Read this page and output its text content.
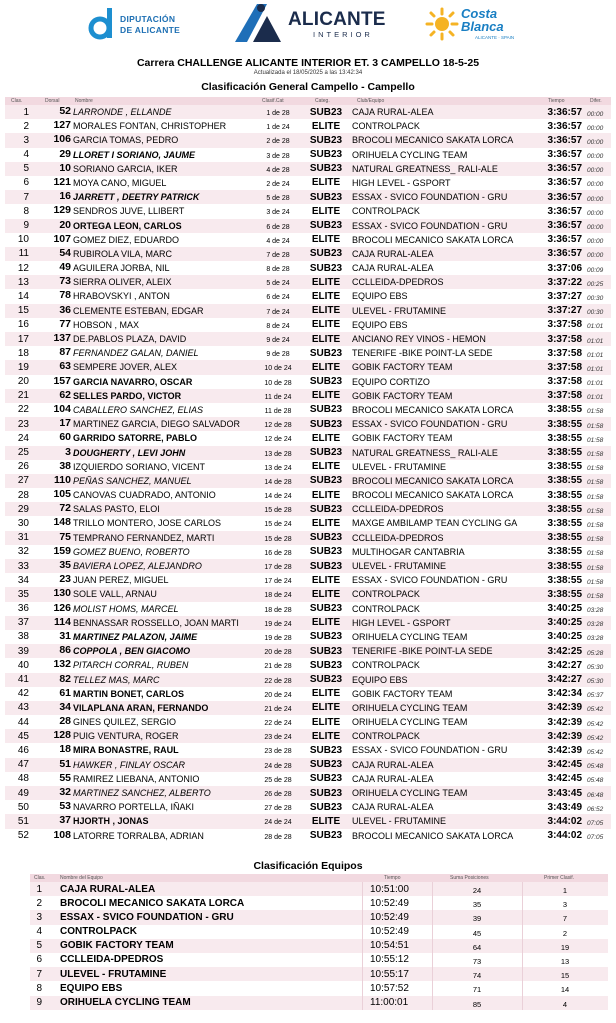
DIPUTACIÓN
DE ALICANTE	ALICANTE
INTERIOR
Costa
Blanca
ALICANTE · SPAIN
Carrera CHALLENGE ALICANTE INTERIOR ET. 3 CAMPELLO 18-5-25
Actualizada el 18/05/2025 a las 13:42:34
Clasificación General Campello - Campello
Clas.	Dorsal	Nombre	Clasif.Cat	Categ.	Club/Equipo	Tiempo	Difer.
1	52 LARRONDE , ELLANDE	1 de 28	SUB23	CAJA RURAL-ALEA	3:36:57 00:00
2	127 MORALES FONTAN, CHRISTOPHER	1 de 24	ELITE	CONTROLPACK	3:36:57 00:00
3	106 GARCIA TOMAS, PEDRO	2 de 28	SUB23	BROCOLI MECANICO SAKATA LORCA	3:36:57 00:00
4	29 LLORET I SORIANO, JAUME	3 de 28	SUB23	ORIHUELA CYCLING TEAM	3:36:57 00:00
5	10 SORIANO GARCIA, IKER	4 de 28	SUB23	NATURAL GREATNESS_ RALI-ALE	3:36:57 00:00
6	121 MOYA CANO, MIGUEL	2 de 24	ELITE	HIGH LEVEL - GSPORT	3:36:57 00:00
7	16 JARRETT , DEETRY PATRICK	5 de 28	SUB23	ESSAX - SVICO FOUNDATION - GRU	3:36:57 00:00
8	129 SENDROS JUVE, LLIBERT	3 de 24	ELITE	CONTROLPACK	3:36:57 00:00
9	20 ORTEGA LEON, CARLOS	6 de 28	SUB23	ESSAX - SVICO FOUNDATION - GRU	3:36:57 00:00
10	107 GOMEZ DIEZ, EDUARDO	4 de 24	ELITE	BROCOLI MECANICO SAKATA LORCA	3:36:57 00:00
11	54 RUBIROLA VILA, MARC	7 de 28	SUB23	CAJA RURAL-ALEA	3:36:57 00:00
12	49 AGUILERA JORBA, NIL	8 de 28	SUB23	CAJA RURAL-ALEA	3:37:06 00:09
13	73 SIERRA OLIVER, ALEIX	5 de 24	ELITE	CCLLEIDA-DPEDROS	3:37:22 00:25
14	78 HRABOVSKYI , ANTON	6 de 24	ELITE	EQUIPO EBS	3:37:27 00:30
15	36 CLEMENTE ESTEBAN, EDGAR	7 de 24	ELITE	ULEVEL - FRUTAMINE	3:37:27 00:30
16	77 HOBSON , MAX	8 de 24	ELITE	EQUIPO EBS	3:37:58 01:01
17	137 DE.PABLOS PLAZA, DAVID	9 de 24	ELITE	ANCIANO REY VINOS - HEMON	3:37:58 01:01
18	87 FERNANDEZ GALAN, DANIEL	9 de 28	SUB23	TENERIFE -BIKE POINT-LA SEDE	3:37:58 01:01
19	63 SEMPERE JOVER, ALEX	10 de 24	ELITE	GOBIK FACTORY TEAM	3:37:58 01:01
20	157 GARCIA NAVARRO, OSCAR	10 de 28	SUB23	EQUIPO CORTIZO	3:37:58 01:01
21	62 SELLES PARDO, VICTOR	11 de 24	ELITE	GOBIK FACTORY TEAM	3:37:58 01:01
22	104 CABALLERO SANCHEZ, ELIAS	11 de 28	SUB23	BROCOLI MECANICO SAKATA LORCA	3:38:55 01:58
23	17 MARTINEZ GARCIA, DIEGO SALVADOR	12 de 28	SUB23	ESSAX - SVICO FOUNDATION - GRU	3:38:55 01:58
24	60 GARRIDO SATORRE, PABLO	12 de 24	ELITE	GOBIK FACTORY TEAM	3:38:55 01:58
25	3 DOUGHERTY , LEVI JOHN	13 de 28	SUB23	NATURAL GREATNESS_ RALI-ALE	3:38:55 01:58
26	38 IZQUIERDO SORIANO, VICENT	13 de 24	ELITE	ULEVEL - FRUTAMINE	3:38:55 01:58
27	110 PEÑAS SANCHEZ, MANUEL	14 de 28	SUB23	BROCOLI MECANICO SAKATA LORCA	3:38:55 01:58
28	105 CANOVAS CUADRADO, ANTONIO	14 de 24	ELITE	BROCOLI MECANICO SAKATA LORCA	3:38:55 01:58
29	72 SALAS PASTO, ELOI	15 de 28	SUB23	CCLLEIDA-DPEDROS	3:38:55 01:58
30	148 TRILLO MONTERO, JOSE CARLOS	15 de 24	ELITE	MAXGE AMBILAMP TEAN CYCLING GA	3:38:55 01:58
31	75 TEMPRANO FERNANDEZ, MARTI	15 de 28	SUB23	CCLLEIDA-DPEDROS	3:38:55 01:58
32	159 GOMEZ BUENO, ROBERTO	16 de 28	SUB23	MULTIHOGAR CANTABRIA	3:38:55 01:58
33	35 BAVIERA LOPEZ, ALEJANDRO	17 de 28	SUB23	ULEVEL - FRUTAMINE	3:38:55 01:58
34	23 JUAN PEREZ, MIGUEL	17 de 24	ELITE	ESSAX - SVICO FOUNDATION - GRU	3:38:55 01:58
35	130 SOLE VALL, ARNAU	18 de 24	ELITE	CONTROLPACK	3:38:55 01:58
36	126 MOLIST HOMS, MARCEL	18 de 28	SUB23	CONTROLPACK	3:40:25 03:28
37	114 BENNASSAR ROSSELLO, JOAN MARTI	19 de 24	ELITE	HIGH LEVEL - GSPORT	3:40:25 03:28
38	31 MARTINEZ PALAZON, JAIME	19 de 28	SUB23	ORIHUELA CYCLING TEAM	3:40:25 03:28
39	86 COPPOLA , BEN GIACOMO	20 de 28	SUB23	TENERIFE -BIKE POINT-LA SEDE	3:42:25 05:28
40	132 PITARCH CORRAL, RUBEN	21 de 28	SUB23	CONTROLPACK	3:42:27 05:30
41	82 TELLEZ MAS, MARC	22 de 28	SUB23	EQUIPO EBS	3:42:27 05:30
42	61 MARTIN BONET, CARLOS	20 de 24	ELITE	GOBIK FACTORY TEAM	3:42:34 05:37
43	34 VILAPLANA ARAN, FERNANDO	21 de 24	ELITE	ORIHUELA CYCLING TEAM	3:42:39 05:42
44	28 GINES QUILEZ, SERGIO	22 de 24	ELITE	ORIHUELA CYCLING TEAM	3:42:39 05:42
45	128 PUIG VENTURA, ROGER	23 de 24	ELITE	CONTROLPACK	3:42:39 05:42
46	18 MIRA BONASTRE, RAUL	23 de 28	SUB23	ESSAX - SVICO FOUNDATION - GRU	3:42:39 05:42
47	51 HAWKER , FINLAY OSCAR	24 de 28	SUB23	CAJA RURAL-ALEA	3:42:45 05:48
48	55 RAMIREZ LIEBANA, ANTONIO	25 de 28	SUB23	CAJA RURAL-ALEA	3:42:45 05:48
49	32 MARTINEZ SANCHEZ, ALBERTO	26 de 28	SUB23	ORIHUELA CYCLING TEAM	3:43:45 06:48
50	53 NAVARRO PORTELLA, IÑAKI	27 de 28	SUB23	CAJA RURAL-ALEA	3:43:49 06:52
51	37 HJORTH , JONAS	24 de 24	ELITE	ULEVEL - FRUTAMINE	3:44:02 07:05
52	108 LATORRE TORRALBA, ADRIAN	28 de 28	SUB23	BROCOLI MECANICO SAKATA LORCA	3:44:02 07:05
Clasificación Equipos
Clas.	Nombre del Equipo	Tiempo	Suma Posiciones	Primer Clasif.
1 CAJA RURAL-ALEA	10:51:00	24	1
2 BROCOLI MECANICO SAKATA LORCA	10:52:49	35	3
3 ESSAX - SVICO FOUNDATION - GRU	10:52:49	39	7
4 CONTROLPACK	10:52:49	45	2
5 GOBIK FACTORY TEAM	10:54:51	64	19
6 CCLLEIDA-DPEDROS	10:55:12	73	13
7 ULEVEL - FRUTAMINE	10:55:17	74	15
8 EQUIPO EBS	10:57:52	71	14
9 ORIHUELA CYCLING TEAM	11:00:01	85	4
